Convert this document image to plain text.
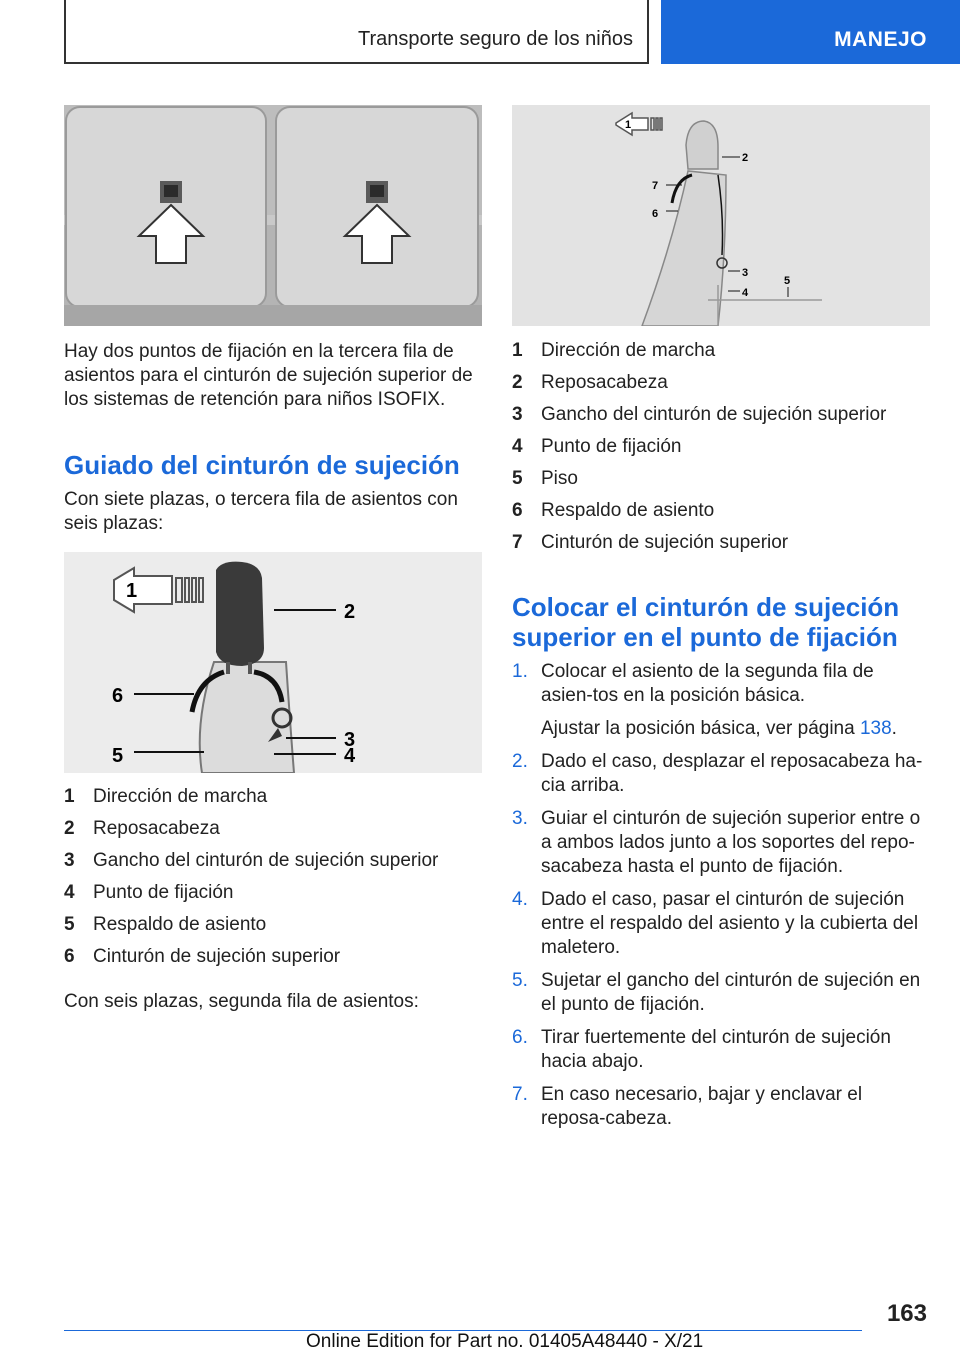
Transporte seguro de los niños	MANEJO

Hay dos puntos de fijación en la tercera fila de asientos para el cinturón de sujeción superior de los sistemas de retención para niños ISOFIX.

Guiado del cinturón de sujeción

Con siete plazas, o tercera fila de asientos con seis plazas:

1
2
6
3
5	4
1 Dirección de marcha
2 Reposacabeza
3 Gancho del cinturón de sujeción superior
4 Punto de fijación
5 Respaldo de asiento
6 Cinturón de sujeción superior

Con seis plazas, segunda fila de asientos:

1
2
7
6
3
4
5
1 Dirección de marcha
2 Reposacabeza
3 Gancho del cinturón de sujeción superior
4 Punto de fijación
5 Piso
6 Respaldo de asiento
7 Cinturón de sujeción superior
Colocar el cinturón de sujeción superior en el punto de fijación
1. Colocar el asiento de la segunda fila de asien‐tos en la posición básica.
Ajustar la posición básica, ver página 138.
2. Dado el caso, desplazar el reposacabeza ha‐cia arriba.
3. Guiar el cinturón de sujeción superior entre o a ambos lados junto a los soportes del repo‐sacabeza hasta el punto de fijación.
4. Dado el caso, pasar el cinturón de sujeción entre el respaldo del asiento y la cubierta del maletero.
5. Sujetar el gancho del cinturón de sujeción en el punto de fijación.
6. Tirar fuertemente del cinturón de sujeción hacia abajo.
7. En caso necesario, bajar y enclavar el reposa‐cabeza.
163
Online Edition for Part no. 01405A48440 - X/21
